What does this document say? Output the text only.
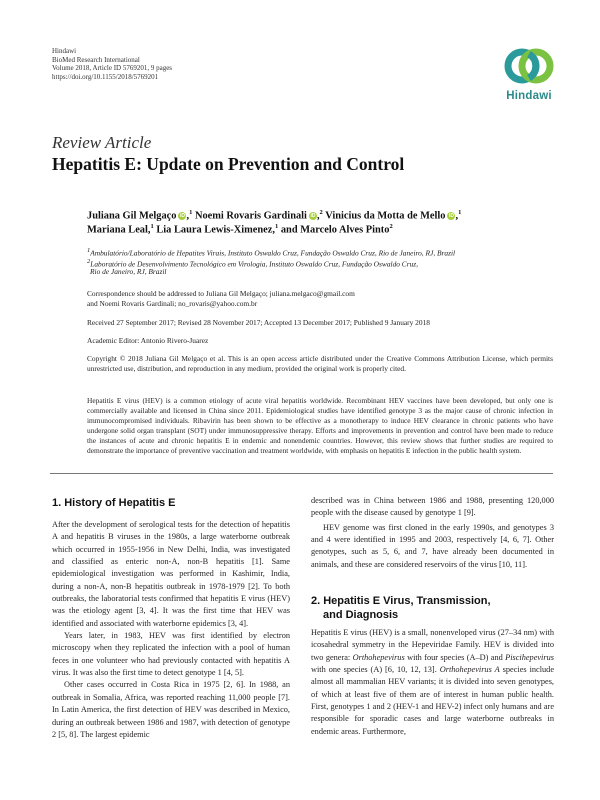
Hindawi
BioMed Research International
Volume 2018, Article ID 5769201, 9 pages
https://doi.org/10.1155/2018/5769201
Hindawi
Review Article
Hepatitis E: Update on Prevention and Control
Juliana Gil Melgaço iD ,$^1$ Noemi Rovaris Gardinali iD ,$^2$ Vinicius da Motta de Mello iD ,$^1$
Mariana Leal,$^1$ Lia Laura Lewis-Ximenez,$^1$ and Marcelo Alves Pinto$^2$
$^1$Ambulatório/Laboratório de Hepatites Virais, Instituto Oswaldo Cruz, Fundação Oswaldo Cruz, Rio de Janeiro, RJ, Brazil
$^2$Laboratório de Desenvolvimento Tecnológico em Virologia, Instituto Oswaldo Cruz, Fundação Oswaldo Cruz,
Rio de Janeiro, RJ, Brazil
Correspondence should be addressed to Juliana Gil Melgaço; juliana.melgaco@gmail.com
and Noemi Rovaris Gardinali; no_rovaris@yahoo.com.br
Received 27 September 2017; Revised 28 November 2017; Accepted 13 December 2017; Published 9 January 2018
Academic Editor: Antonio Rivero-Juarez
Copyright © 2018 Juliana Gil Melgaço et al. This is an open access article distributed under the Creative Commons Attribution License, which permits unrestricted use, distribution, and reproduction in any medium, provided the original work is properly cited.
Hepatitis E virus (HEV) is a common etiology of acute viral hepatitis worldwide. Recombinant HEV vaccines have been developed, but only one is commercially available and licensed in China since 2011. Epidemiological studies have identified genotype 3 as the major cause of chronic infection in immunocompromised individuals. Ribavirin has been shown to be effective as a monotherapy to induce HEV clearance in chronic patients who have undergone solid organ transplant (SOT) under immunosuppressive therapy. Efforts and improvements in prevention and control have been made to reduce the instances of acute and chronic hepatitis E in endemic and nonendemic countries. However, this review shows that further studies are required to demonstrate the importance of preventive vaccination and treatment worldwide, with emphasis on hepatitis E infection in the public health system.
1. History of Hepatitis E

After the development of serological tests for the detection of hepatitis A and hepatitis B viruses in the 1980s, a large waterborne outbreak which occurred in 1955-1956 in New Delhi, India, was investigated and classified as enteric non-A, non-B hepatitis [1]. Same epidemiological investigation was performed in Kashimir, India, during a non-A, non-B hepatitis outbreak in 1978-1979 [2]. To both outbreaks, the laboratorial tests confirmed that hepatitis E virus (HEV) was the etiology agent [3, 4]. It was the first time that HEV was identified and associated with waterborne epidemics [3, 4].

Years later, in 1983, HEV was first identified by electron microscopy when they replicated the infection with a pool of human feces in one volunteer who had previously contacted with hepatitis A virus. It was also the first time to detect genotype 1 [4, 5].

Other cases occurred in Costa Rica in 1975 [2, 6]. In 1988, an outbreak in Somalia, Africa, was reported reaching 11,000 people [7]. In Latin America, the first detection of HEV was described in Mexico, during an outbreak between 1986 and 1987, with detection of genotype 2 [5, 8]. The largest epidemic

described was in China between 1986 and 1988, presenting 120,000 people with the disease caused by genotype 1 [9].

HEV genome was first cloned in the early 1990s, and genotypes 3 and 4 were identified in 1995 and 2003, respectively [4, 6, 7]. Other genotypes, such as 5, 6, and 7, have already been documented in animals, and these are considered reservoirs of the virus [10, 11].

2. Hepatitis E Virus, Transmission,
and Diagnosis

Hepatitis E virus (HEV) is a small, nonenveloped virus (27–34 nm) with icosahedral symmetry in the Hepeviridae Family. HEV is divided into two genera: Orthohepevirus with four species (A–D) and Piscihepevirus with one species (A) [6, 10, 12, 13]. Orthohepevirus A species include almost all mammalian HEV variants; it is divided into seven genotypes, of which at least five of them are of interest in human public health. First, genotypes 1 and 2 (HEV-1 and HEV-2) infect only humans and are responsible for sporadic cases and large waterborne outbreaks in endemic areas. Furthermore,
